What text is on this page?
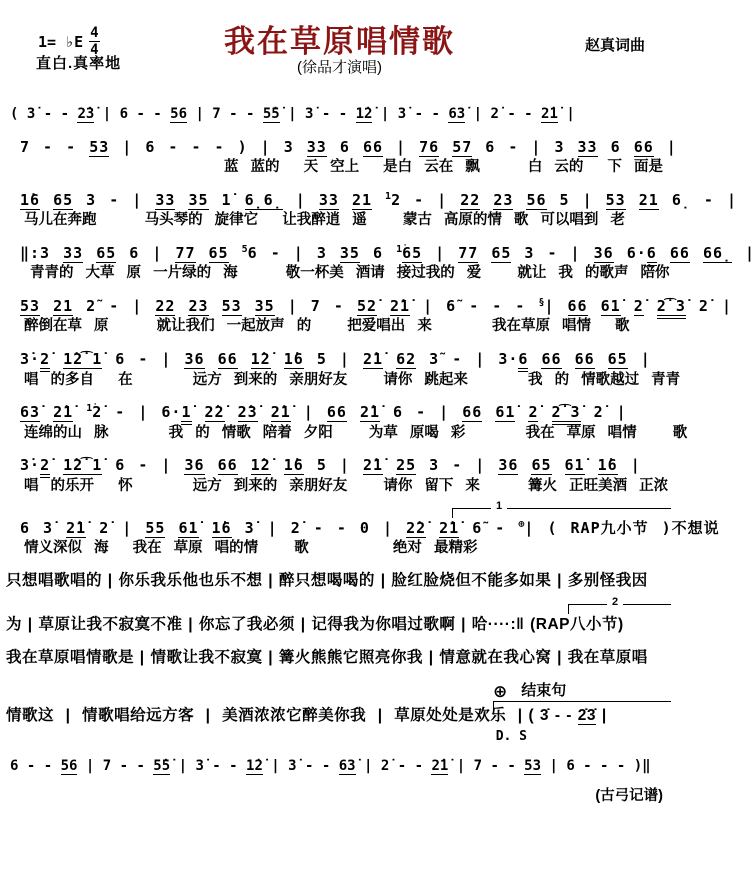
1= ♭E 4
4
直白.真率地
我在草原唱情歌
(徐品才演唱)
赵真词曲
( 3̇ - - 2̇3̇ | 6 - - 56 | 7 - - 5̇5̇ | 3̇ - - 1̇2̇ | 3̇ - - 63̇ | 2̇ - - 2̇1̇ |
7 - - 53 | 6 - - - ) | 3 33 6 66 | 76 57 6 - | 3 33 6 66 |
蓝 蓝的  天 空上  是白 云在 飘    白 云的  下 面是
1̇6 65 3 - | 33 35 1̇ 6̣6̣ | 33 21 $^1$2 - | 22 23 56 5 | 53 21 6̣ - |
马儿在奔跑    马头琴的 旋律它  让我醉逍 遥   蒙古 高原的情 歌 可以唱到 老
‖:3 33 65 6 | 77 65 $^5$6 - | 3 35 6 $^{1̇}$65 | 77 65 3 - | 36 6·6 66 66̣ |
青青的 大草 原 一片绿的 海    敬一杯美 酒请 接过我的 爱   就让 我 的歌声 陪你
53 21 2̃ - | 22 23 53 35 | 7 - 52̇ 2̇1̇ | 6̃ - - - §| 66 61̇ 2̇ 2̇͡3̇ 2̇ |
醉倒在草 原    就让我们 一起放声 的   把爱唱出 来     我在草原 唱情  歌
3̇·2̇ 1̇2̇͡1̇ 6 - | 36 66 1̇2̇ 1̇6 5 | 2̇1̇ 62 3̃ - | 3·6 66 66 65 |
唱 的多自  在     远方 到来的 亲朋好友   请你 跳起来     我 的 情歌越过 青青
63̇ 2̇1̇ $^{1̇}$2̇ - | 6·1̇ 2̇2̇ 2̇3̇ 2̇1̇ | 66 2̇1̇ 6 - | 66 61̇ 2̇ 2̇͡3̇ 2̇ |
连绵的山 脉     我 的 情歌 陪着 夕阳   为草 原喝 彩     我在 草原 唱情   歌
3̇·2̇ 1̇2̇͡1̇ 6 - | 36 66 1̇2̇ 1̇6 5 | 2̇1̇ 25 3 - | 36 65 61̇ 1̇6 |
唱 的乐开  怀     远方 到来的 亲朋好友   请你 留下 来    篝火 正旺美酒 正浓
1
6 3̇ 2̇1̇ 2̇ | 55 61̇ 1̇6 3̇ | 2̇ - - 0 | 2̇2̇ 2̇1̇ 6̃ - ⊕| ( RAP九小节 )不想说
情义深似 海  我在 草原 唱的情   歌       绝对 最精彩
只想唱歌唱的 | 你乐我乐他也乐不想 | 醉只想喝喝的 | 脸红脸烧但不能多如果 | 多别怪我因
2
为 | 草原让我不寂寞不准 | 你忘了我必须 | 记得我为你唱过歌啊 | 哈····:‖ (RAP八小节)
我在草原唱情歌是 | 情歌让我不寂寞 | 篝火熊熊它照亮你我 | 情意就在我心窝 | 我在草原唱
⊕ 结束句
情歌这  |  情歌唱给远方客  |  美酒浓浓它醉美你我  |  草原处处是欢乐  | ( 3̇ - - 2̇3̇ |
D. S
6 - - 56 | 7 - - 5̇5̇ | 3̇ - - 1̇2̇ | 3̇ - - 63̇ | 2̇ - - 2̇1̇ | 7 - - 53 | 6 - - - )‖
(古弓记谱)
